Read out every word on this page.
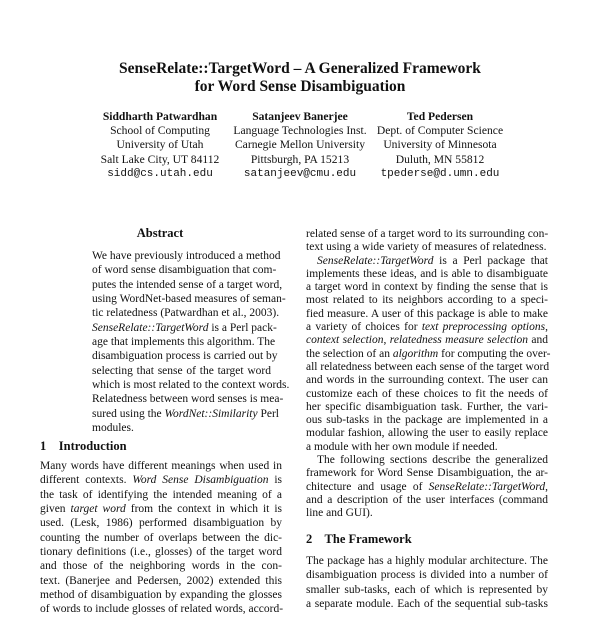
SenseRelate::TargetWord – A Generalized Framework
for Word Sense Disambiguation
Siddharth Patwardhan
School of Computing
University of Utah
Salt Lake City, UT 84112
sidd@cs.utah.edu
Satanjeev Banerjee
Language Technologies Inst.
Carnegie Mellon University
Pittsburgh, PA 15213
satanjeev@cmu.edu
Ted Pedersen
Dept. of Computer Science
University of Minnesota
Duluth, MN 55812
tpederse@d.umn.edu
Abstract
We have previously introduced a method
of word sense disambiguation that com-
putes the intended sense of a target word,
using WordNet-based measures of seman-
tic relatedness (Patwardhan et al., 2003).
SenseRelate::TargetWord is a Perl pack-
age that implements this algorithm. The
disambiguation process is carried out by
selecting that sense of the target word
which is most related to the context words.
Relatedness between word senses is mea-
sured using the WordNet::Similarity Perl
modules.
1    Introduction
Many words have different meanings when used in
different contexts. Word Sense Disambiguation is
the task of identifying the intended meaning of a
given target word from the context in which it is
used. (Lesk, 1986) performed disambiguation by
counting the number of overlaps between the dic-
tionary definitions (i.e., glosses) of the target word
and those of the neighboring words in the con-
text. (Banerjee and Pedersen, 2002) extended this
method of disambiguation by expanding the glosses
of words to include glosses of related words, accord-
related sense of a target word to its surrounding con-
text using a wide variety of measures of relatedness.
SenseRelate::TargetWord is a Perl package that
implements these ideas, and is able to disambiguate
a target word in context by finding the sense that is
most related to its neighbors according to a speci-
fied measure. A user of this package is able to make
a variety of choices for text preprocessing options,
context selection, relatedness measure selection and
the selection of an algorithm for computing the over-
all relatedness between each sense of the target word
and words in the surrounding context. The user can
customize each of these choices to fit the needs of
her specific disambiguation task. Further, the vari-
ous sub-tasks in the package are implemented in a
modular fashion, allowing the user to easily replace
a module with her own module if needed.
The following sections describe the generalized
framework for Word Sense Disambiguation, the ar-
chitecture and usage of SenseRelate::TargetWord,
and a description of the user interfaces (command
line and GUI).
2    The Framework
The package has a highly modular architecture. The
disambiguation process is divided into a number of
smaller sub-tasks, each of which is represented by
a separate module. Each of the sequential sub-tasks
